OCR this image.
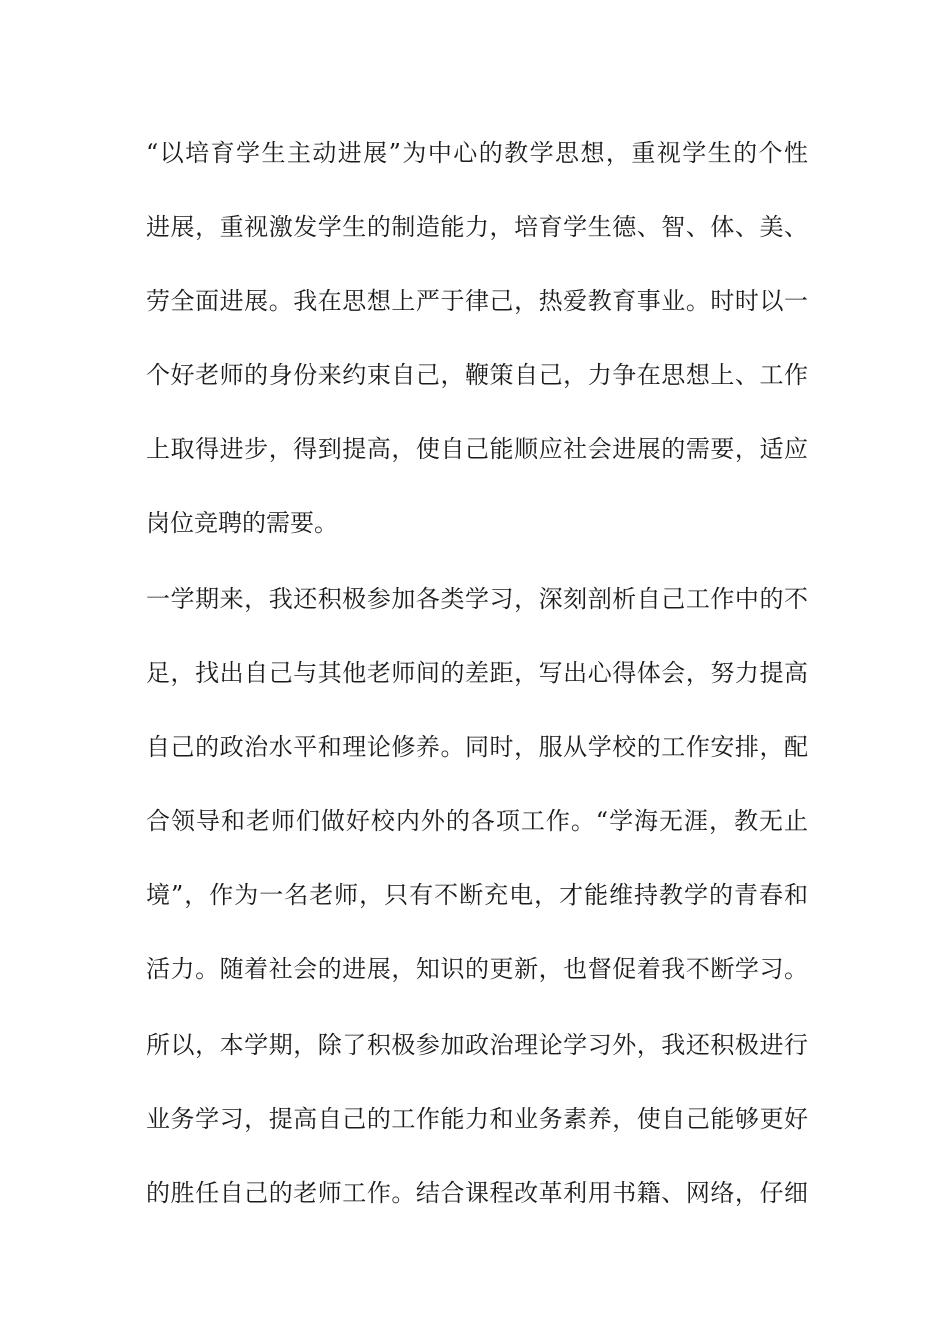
“以培育学生主动进展”为中心的教学思想，重视学生的个性
进展，重视激发学生的制造能力，培育学生德、智、体、美、
劳全面进展。我在思想上严于律己，热爱教育事业。时时以一
个好老师的身份来约束自己，鞭策自己，力争在思想上、工作
上取得进步，得到提高，使自己能顺应社会进展的需要，适应
岗位竞聘的需要。
一学期来，我还积极参加各类学习，深刻剖析自己工作中的不
足，找出自己与其他老师间的差距，写出心得体会，努力提高
自己的政治水平和理论修养。同时，服从学校的工作安排，配
合领导和老师们做好校内外的各项工作。“学海无涯，教无止
境”，作为一名老师，只有不断充电，才能维持教学的青春和
活力。随着社会的进展，知识的更新，也督促着我不断学习。
所以，本学期，除了积极参加政治理论学习外，我还积极进行
业务学习，提高自己的工作能力和业务素养，使自己能够更好
的胜任自己的老师工作。结合课程改革利用书籍、网络，仔细
